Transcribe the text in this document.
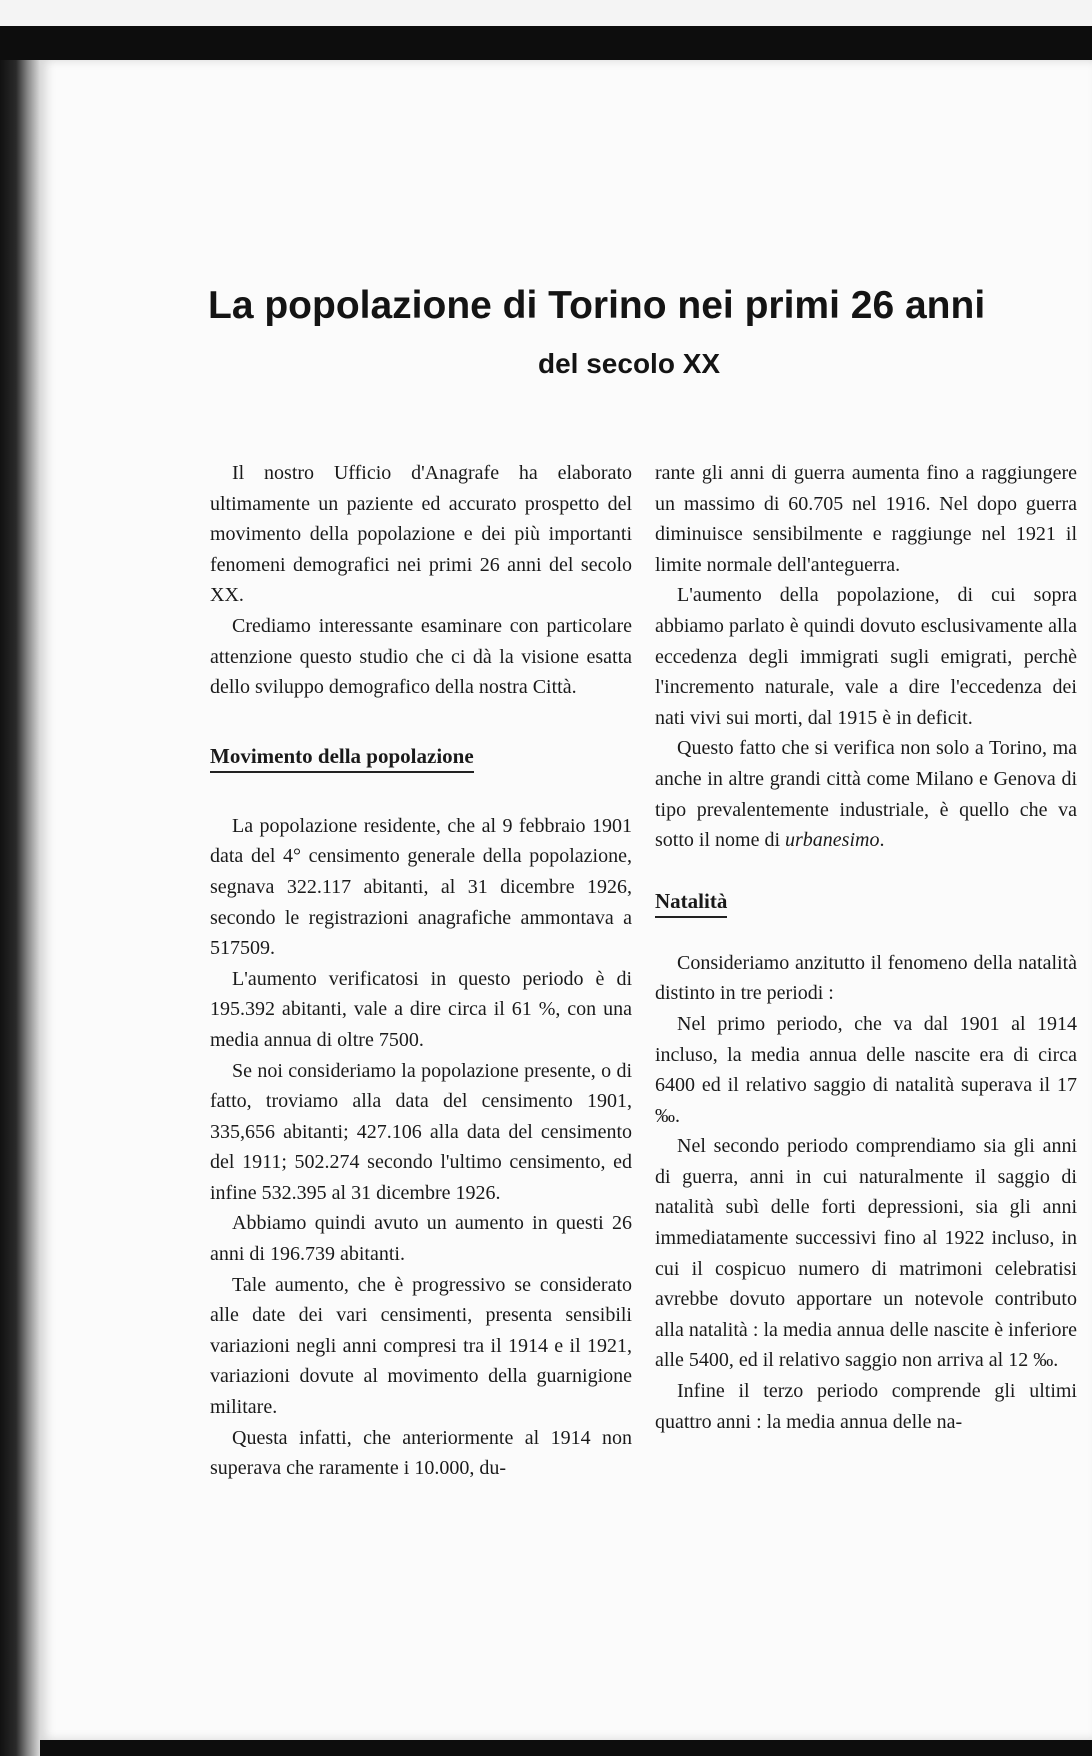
La popolazione di Torino nei primi 26 anni
del secolo XX

Il nostro Ufficio d'Anagrafe ha elaborato ultimamente un paziente ed accurato prospetto del movimento della popolazione e dei più importanti fenomeni demografici nei primi 26 anni del secolo XX.

Crediamo interessante esaminare con particolare attenzione questo studio che ci dà la visione esatta dello sviluppo demografico della nostra Città.

Movimento della popolazione

La popolazione residente, che al 9 febbraio 1901 data del 4° censimento generale della popolazione, segnava 322.117 abitanti, al 31 dicembre 1926, secondo le registrazioni anagrafiche ammontava a 517509.

L'aumento verificatosi in questo periodo è di 195.392 abitanti, vale a dire circa il 61 %, con una media annua di oltre 7500.

Se noi consideriamo la popolazione presente, o di fatto, troviamo alla data del censimento 1901, 335,656 abitanti; 427.106 alla data del censimento del 1911; 502.274 secondo l'ultimo censimento, ed infine 532.395 al 31 dicembre 1926.

Abbiamo quindi avuto un aumento in questi 26 anni di 196.739 abitanti.

Tale aumento, che è progressivo se considerato alle date dei vari censimenti, presenta sensibili variazioni negli anni compresi tra il 1914 e il 1921, variazioni dovute al movimento della guarnigione militare.

Questa infatti, che anteriormente al 1914 non superava che raramente i 10.000, du-

rante gli anni di guerra aumenta fino a raggiungere un massimo di 60.705 nel 1916. Nel dopo guerra diminuisce sensibilmente e raggiunge nel 1921 il limite normale dell'anteguerra.

L'aumento della popolazione, di cui sopra abbiamo parlato è quindi dovuto esclusivamente alla eccedenza degli immigrati sugli emigrati, perchè l'incremento naturale, vale a dire l'eccedenza dei nati vivi sui morti, dal 1915 è in deficit.

Questo fatto che si verifica non solo a Torino, ma anche in altre grandi città come Milano e Genova di tipo prevalentemente industriale, è quello che va sotto il nome di urbanesimo.

Natalità

Consideriamo anzitutto il fenomeno della natalità distinto in tre periodi :

Nel primo periodo, che va dal 1901 al 1914 incluso, la media annua delle nascite era di circa 6400 ed il relativo saggio di natalità superava il 17 ‰.

Nel secondo periodo comprendiamo sia gli anni di guerra, anni in cui naturalmente il saggio di natalità subì delle forti depressioni, sia gli anni immediatamente successivi fino al 1922 incluso, in cui il cospicuo numero di matrimoni celebratisi avrebbe dovuto apportare un notevole contributo alla natalità : la media annua delle nascite è inferiore alle 5400, ed il relativo saggio non arriva al 12 ‰.

Infine il terzo periodo comprende gli ultimi quattro anni : la media annua delle na-
